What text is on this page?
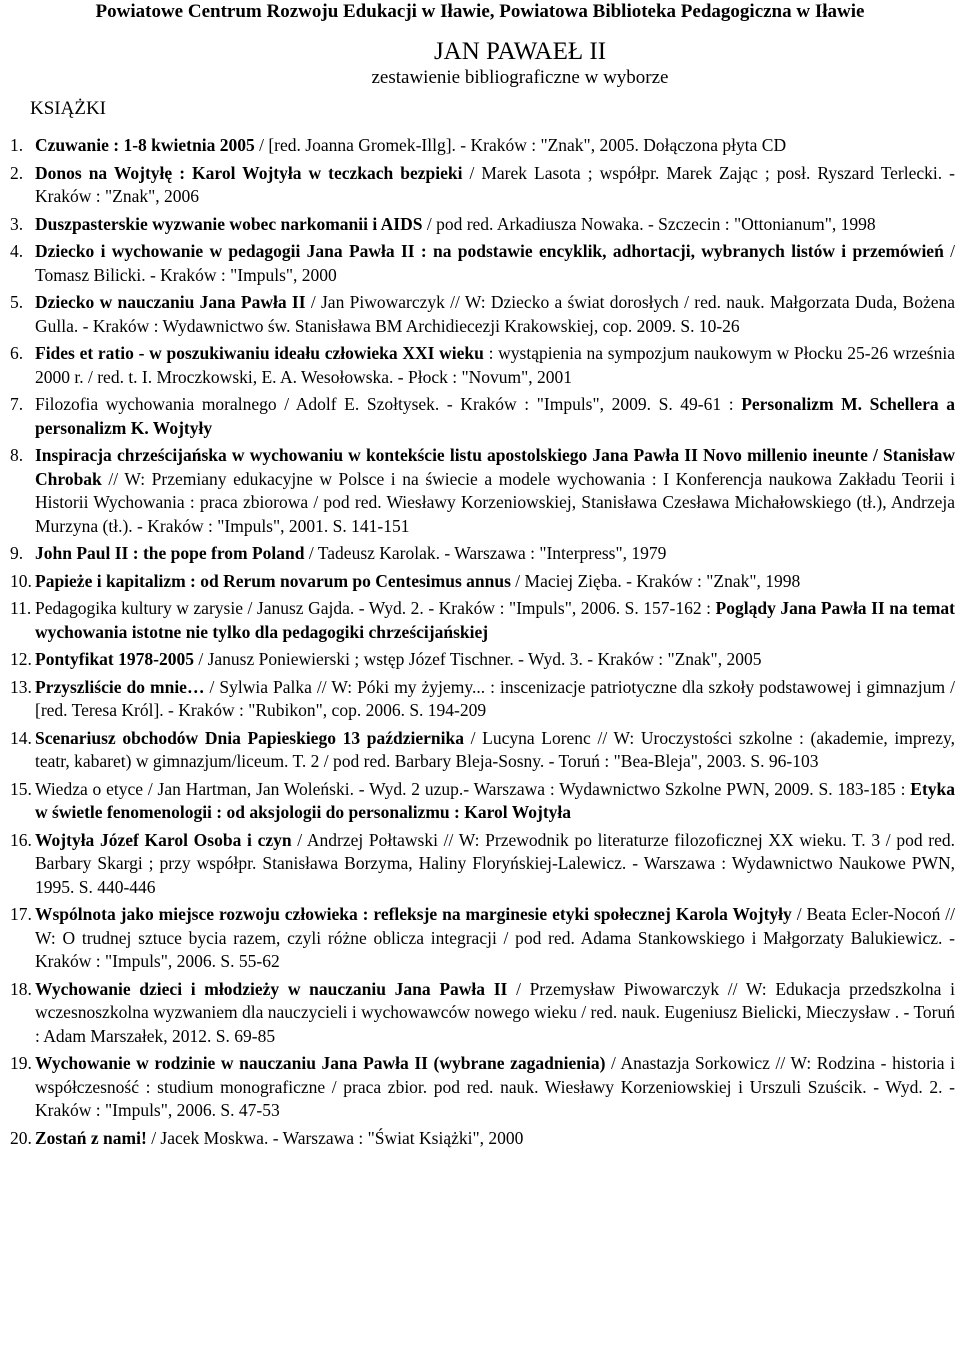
Powiatowe Centrum Rozwoju Edukacji w Iławie, Powiatowa Biblioteka Pedagogiczna w Iławie
JAN PAWAEŁ II
zestawienie bibliograficzne w wyborze
KSIĄŻKI
1. Czuwanie : 1-8 kwietnia 2005 / [red. Joanna Gromek-Illg]. - Kraków : "Znak", 2005. Dołączona płyta CD
2. Donos na Wojtyłę : Karol Wojtyła w teczkach bezpieki / Marek Lasota ; współpr. Marek Zając ; posł. Ryszard Terlecki. - Kraków : "Znak", 2006
3. Duszpasterskie wyzwanie wobec narkomanii i AIDS / pod red. Arkadiusza Nowaka. - Szczecin : "Ottonianum", 1998
4. Dziecko i wychowanie w pedagogii Jana Pawła II : na podstawie encyklik, adhortacji, wybranych listów i przemówień / Tomasz Bilicki. - Kraków : "Impuls", 2000
5. Dziecko w nauczaniu Jana Pawła II / Jan Piwowarczyk // W: Dziecko a świat dorosłych / red. nauk. Małgorzata Duda, Bożena Gulla. - Kraków : Wydawnictwo św. Stanisława BM Archidiecezji Krakowskiej, cop. 2009. S. 10-26
6. Fides et ratio - w poszukiwaniu ideału człowieka XXI wieku : wystąpienia na sympozjum naukowym w Płocku 25-26 września 2000 r. / red. t. I. Mroczkowski, E. A. Wesołowska. - Płock : "Novum", 2001
7. Filozofia wychowania moralnego / Adolf E. Szołtysek. - Kraków : "Impuls", 2009. S. 49-61 : Personalizm M. Schellera a personalizm K. Wojtyły
8. Inspiracja chrześcijańska w wychowaniu w kontekście listu apostolskiego Jana Pawła II Novo millenio ineunte / Stanisław Chrobak // W: Przemiany edukacyjne w Polsce i na świecie a modele wychowania : I Konferencja naukowa Zakładu Teorii i Historii Wychowania : praca zbiorowa / pod red. Wiesławy Korzeniowskiej, Stanisława Czesława Michałowskiego (tł.), Andrzeja Murzyna (tł.). - Kraków : "Impuls", 2001. S. 141-151
9. John Paul II : the pope from Poland / Tadeusz Karolak. - Warszawa : "Interpress", 1979
10. Papieże i kapitalizm : od Rerum novarum po Centesimus annus / Maciej Zięba. - Kraków : "Znak", 1998
11. Pedagogika kultury w zarysie / Janusz Gajda. - Wyd. 2. - Kraków : "Impuls", 2006. S. 157-162 : Poglądy Jana Pawła II na temat wychowania istotne nie tylko dla pedagogiki chrześcijańskiej
12. Pontyfikat 1978-2005 / Janusz Poniewierski ; wstęp Józef Tischner. - Wyd. 3. - Kraków : "Znak", 2005
13. Przyszliście do mnie… / Sylwia Palka // W: Póki my żyjemy... : inscenizacje patriotyczne dla szkoły podstawowej i gimnazjum / [red. Teresa Król]. - Kraków : "Rubikon", cop. 2006. S. 194-209
14. Scenariusz obchodów Dnia Papieskiego 13 października / Lucyna Lorenc // W: Uroczystości szkolne : (akademie, imprezy, teatr, kabaret) w gimnazjum/liceum. T. 2 / pod red. Barbary Bleja-Sosny. - Toruń : "Bea-Bleja", 2003. S. 96-103
15. Wiedza o etyce / Jan Hartman, Jan Woleński. - Wyd. 2 uzup.- Warszawa : Wydawnictwo Szkolne PWN, 2009. S. 183-185 : Etyka w świetle fenomenologii : od aksjologii do personalizmu : Karol Wojtyła
16. Wojtyła Józef Karol Osoba i czyn / Andrzej Połtawski // W: Przewodnik po literaturze filozoficznej XX wieku. T. 3 / pod red. Barbary Skargi ; przy współpr. Stanisława Borzyma, Haliny Floryńskiej-Lalewicz. - Warszawa : Wydawnictwo Naukowe PWN, 1995. S. 440-446
17. Wspólnota jako miejsce rozwoju człowieka : refleksje na marginesie etyki społecznej Karola Wojtyły / Beata Ecler-Nocoń // W: O trudnej sztuce bycia razem, czyli różne oblicza integracji / pod red. Adama Stankowskiego i Małgorzaty Balukiewicz. - Kraków : "Impuls", 2006. S. 55-62
18. Wychowanie dzieci i młodzieży w nauczaniu Jana Pawła II / Przemysław Piwowarczyk // W: Edukacja przedszkolna i wczesnoszkolna wyzwaniem dla nauczycieli i wychowawców nowego wieku / red. nauk. Eugeniusz Bielicki, Mieczysław . - Toruń : Adam Marszałek, 2012. S. 69-85
19. Wychowanie w rodzinie w nauczaniu Jana Pawła II (wybrane zagadnienia) / Anastazja Sorkowicz // W: Rodzina - historia i współczesność : studium monograficzne / praca zbior. pod red. nauk. Wiesławy Korzeniowskiej i Urszuli Szuścik. - Wyd. 2. - Kraków : "Impuls", 2006. S. 47-53
20. Zostań z nami! / Jacek Moskwa. - Warszawa : "Świat Książki", 2000
